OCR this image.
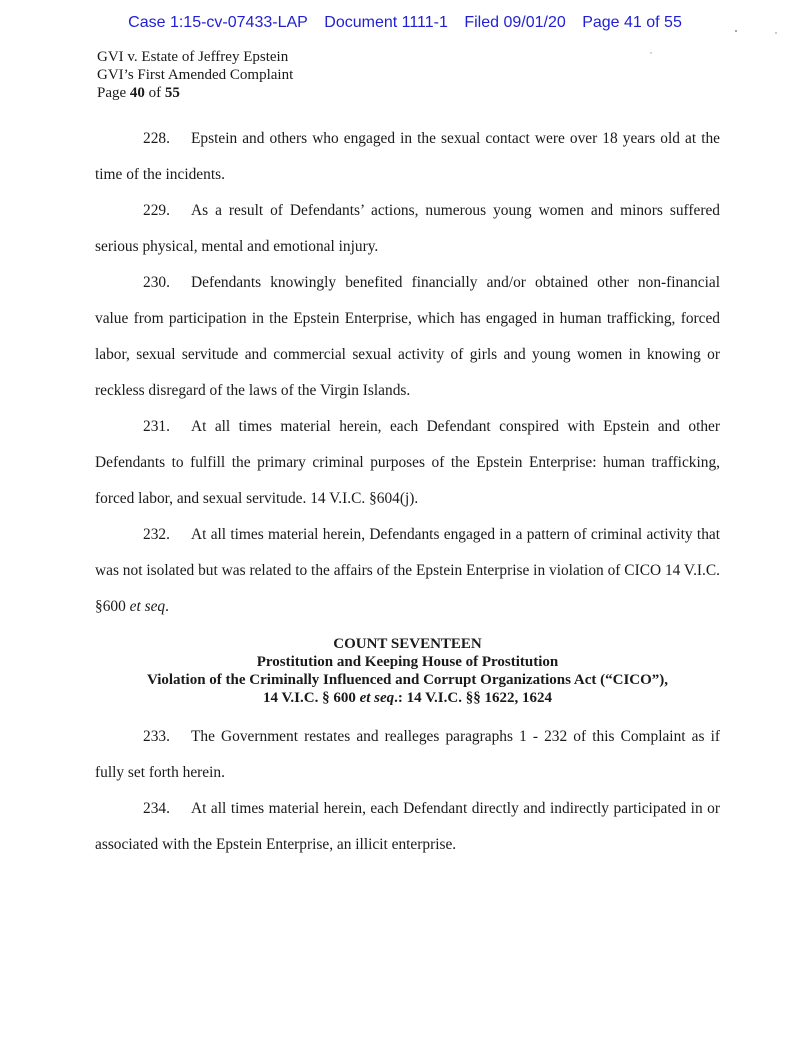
Case 1:15-cv-07433-LAP Document 1111-1 Filed 09/01/20 Page 41 of 55
GVI v. Estate of Jeffrey Epstein
GVI’s First Amended Complaint
Page 40 of 55

228. Epstein and others who engaged in the sexual contact were over 18 years old at the time of the incidents.

229. As a result of Defendants’ actions, numerous young women and minors suffered serious physical, mental and emotional injury.

230. Defendants knowingly benefited financially and/or obtained other non-financial value from participation in the Epstein Enterprise, which has engaged in human trafficking, forced labor, sexual servitude and commercial sexual activity of girls and young women in knowing or reckless disregard of the laws of the Virgin Islands.

231. At all times material herein, each Defendant conspired with Epstein and other Defendants to fulfill the primary criminal purposes of the Epstein Enterprise: human trafficking, forced labor, and sexual servitude. 14 V.I.C. §604(j).

232. At all times material herein, Defendants engaged in a pattern of criminal activity that was not isolated but was related to the affairs of the Epstein Enterprise in violation of CICO 14 V.I.C. §600 et seq.

COUNT SEVENTEEN
Prostitution and Keeping House of Prostitution
Violation of the Criminally Influenced and Corrupt Organizations Act (“CICO”),
14 V.I.C. § 600 et seq.: 14 V.I.C. §§ 1622, 1624

233. The Government restates and realleges paragraphs 1 - 232 of this Complaint as if fully set forth herein.

234. At all times material herein, each Defendant directly and indirectly participated in or associated with the Epstein Enterprise, an illicit enterprise.
